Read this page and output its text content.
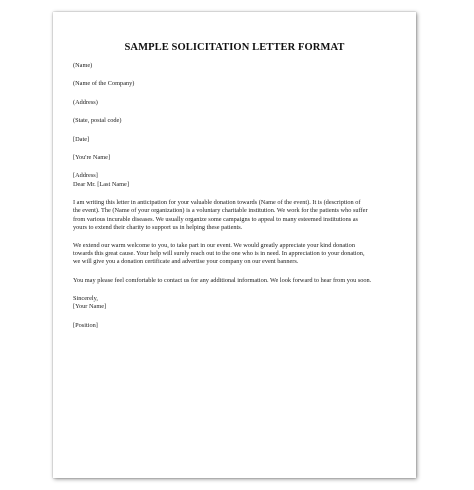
SAMPLE SOLICITATION LETTER FORMAT

(Name)

(Name of the Company)

(Address)

(State, postal code)

[Date]

[You're Name]

[Address]

Dear Mr. [Last Name]

I am writing this letter in anticipation for your valuable donation towards (Name of the event). It is (description of
the event). The (Name of your organization) is a voluntary charitable institution. We work for the patients who suffer
from various incurable diseases. We usually organize some campaigns to appeal to many esteemed institutions as
yours to extend their charity to support us in helping these patients.
We extend our warm welcome to you, to take part in our event. We would greatly appreciate your kind donation
towards this great cause. Your help will surely reach out to the one who is in need. In appreciation to your donation,
we will give you a donation certificate and advertise your company on our event banners.
You may please feel comfortable to contact us for any additional information. We look forward to hear from you soon.

Sincerely,

[Your Name]

[Position]
